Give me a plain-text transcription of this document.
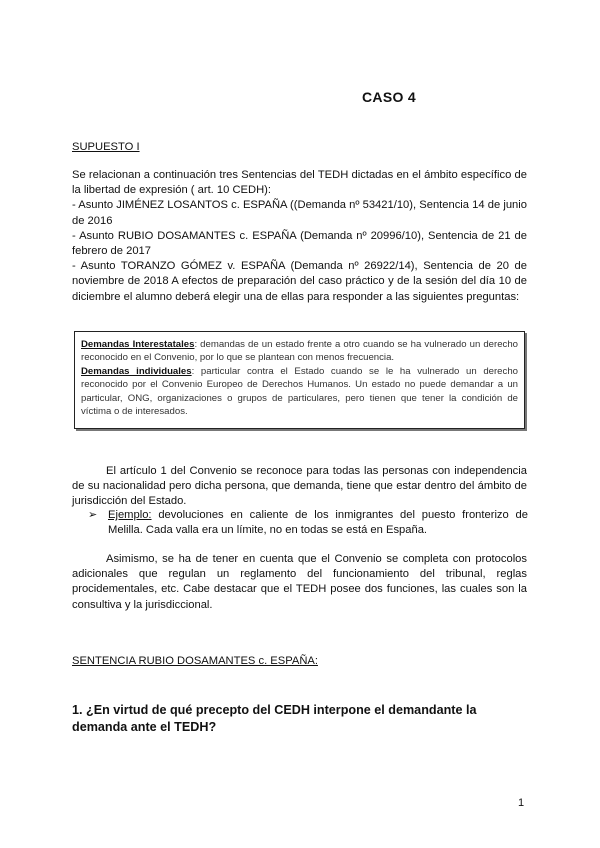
CASO 4
SUPUESTO I
Se relacionan a continuación tres Sentencias del TEDH dictadas en el ámbito específico de la libertad de expresión ( art. 10 CEDH):
- Asunto JIMÉNEZ LOSANTOS c. ESPAÑA ((Demanda nº 53421/10), Sentencia 14 de junio de 2016
- Asunto RUBIO DOSAMANTES c. ESPAÑA (Demanda nº 20996/10), Sentencia de 21 de febrero de 2017
- Asunto TORANZO GÓMEZ v. ESPAÑA (Demanda nº 26922/14), Sentencia de 20 de noviembre de 2018 A efectos de preparación del caso práctico y de la sesión del día 10 de diciembre el alumno deberá elegir una de ellas para responder a las siguientes preguntas:
Demandas Interestatales: demandas de un estado frente a otro cuando se ha vulnerado un derecho reconocido en el Convenio, por lo que se plantean con menos frecuencia.
Demandas individuales: particular contra el Estado cuando se le ha vulnerado un derecho reconocido por el Convenio Europeo de Derechos Humanos. Un estado no puede demandar a un particular, ONG, organizaciones o grupos de particulares, pero tienen que tener la condición de víctima o de interesados.
El artículo 1 del Convenio se reconoce para todas las personas con independencia de su nacionalidad pero dicha persona, que demanda, tiene que estar dentro del ámbito de jurisdicción del Estado.
➢ Ejemplo: devoluciones en caliente de los inmigrantes del puesto fronterizo de Melilla. Cada valla era un límite, no en todas se está en España.
Asimismo, se ha de tener en cuenta que el Convenio se completa con protocolos adicionales que regulan un reglamento del funcionamiento del tribunal, reglas procidementales, etc. Cabe destacar que el TEDH posee dos funciones, las cuales son la consultiva y la jurisdiccional.
SENTENCIA RUBIO DOSAMANTES c. ESPAÑA:
1. ¿En virtud de qué precepto del CEDH interpone el demandante la demanda ante el TEDH?
1
